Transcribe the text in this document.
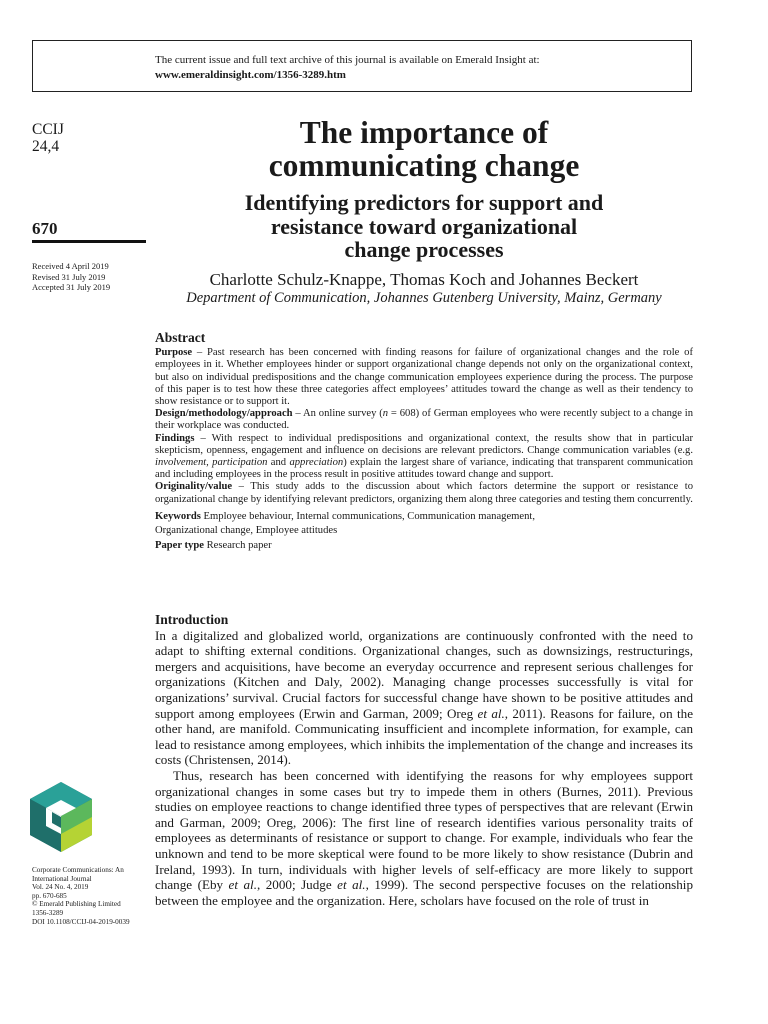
The current issue and full text archive of this journal is available on Emerald Insight at:
www.emeraldinsight.com/1356-3289.htm
CCIJ
24,4
670
Received 4 April 2019
Revised 31 July 2019
Accepted 31 July 2019
The importance of
communicating change
Identifying predictors for support and
resistance toward organizational
change processes
Charlotte Schulz-Knappe, Thomas Koch and Johannes Beckert
Department of Communication, Johannes Gutenberg University, Mainz, Germany
Abstract

Purpose – Past research has been concerned with finding reasons for failure of organizational changes and the role of employees in it. Whether employees hinder or support organizational change depends not only on the organizational context, but also on individual predispositions and the change communication employees experience during the process. The purpose of this paper is to test how these three categories affect employees’ attitudes toward the change as well as their tendency to show resistance or to support it.

Design/methodology/approach – An online survey (n = 608) of German employees who were recently subject to a change in their workplace was conducted.

Findings – With respect to individual predispositions and organizational context, the results show that in particular skepticism, openness, engagement and influence on decisions are relevant predictors. Change communication variables (e.g. involvement, participation and appreciation) explain the largest share of variance, indicating that transparent communication and including employees in the process result in positive attitudes toward change and support.

Originality/value – This study adds to the discussion about which factors determine the support or resistance to organizational change by identifying relevant predictors, organizing them along three categories and testing them concurrently.

Keywords Employee behaviour, Internal communications, Communication management,
Organizational change, Employee attitudes

Paper type Research paper

Introduction

In a digitalized and globalized world, organizations are continuously confronted with the need to adapt to shifting external conditions. Organizational changes, such as downsizings, restructurings, mergers and acquisitions, have become an everyday occurrence and represent serious challenges for organizations (Kitchen and Daly, 2002). Managing change processes successfully is vital for organizations’ survival. Crucial factors for successful change have shown to be positive attitudes and support among employees (Erwin and Garman, 2009; Oreg et al., 2011). Reasons for failure, on the other hand, are manifold. Communicating insufficient and incomplete information, for example, can lead to resistance among employees, which inhibits the implementation of the change and increases its costs (Christensen, 2014).

Thus, research has been concerned with identifying the reasons for why employees support organizational changes in some cases but try to impede them in others (Burnes, 2011). Previous studies on employee reactions to change identified three types of perspectives that are relevant (Erwin and Garman, 2009; Oreg, 2006): The first line of research identifies various personality traits of employees as determinants of resistance or support to change. For example, individuals who fear the unknown and tend to be more skeptical were found to be more likely to show resistance (Dubrin and Ireland, 1993). In turn, individuals with higher levels of self-efficacy are more likely to support change (Eby et al., 2000; Judge et al., 1999). The second perspective focuses on the relationship between the employee and the organization. Here, scholars have focused on the role of trust in

Corporate Communications: An International Journal
Vol. 24 No. 4, 2019
pp. 670-685
© Emerald Publishing Limited
1356-3289
DOI 10.1108/CCIJ-04-2019-0039
